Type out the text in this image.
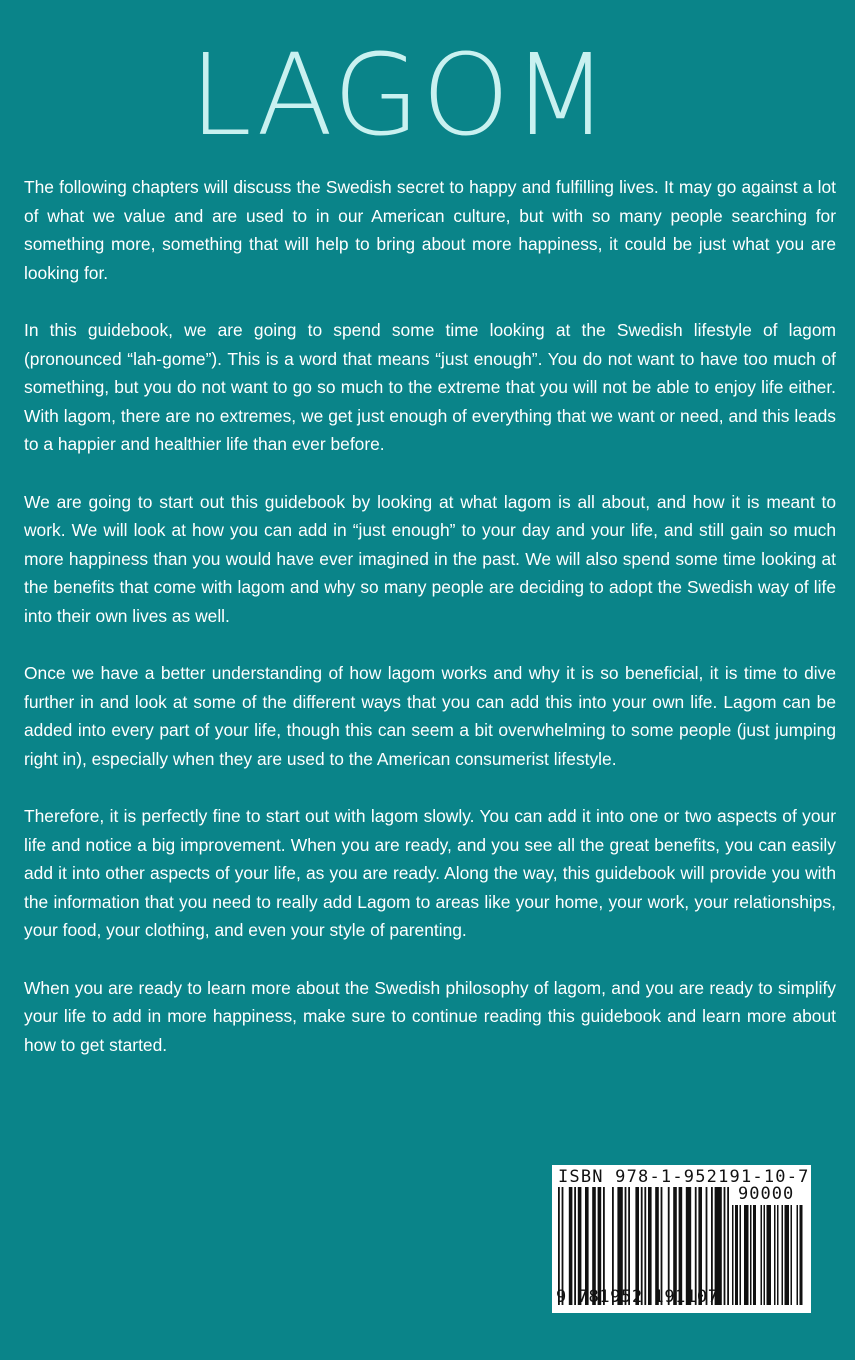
LAGOM

The following chapters will discuss the Swedish secret to happy and fulfilling lives. It may go against a lot of what we value and are used to in our American culture, but with so many people searching for something more, something that will help to bring about more happiness, it could be just what you are looking for.

In this guidebook, we are going to spend some time looking at the Swedish lifestyle of lagom (pronounced “lah-gome”). This is a word that means “just enough”. You do not want to have too much of something, but you do not want to go so much to the extreme that you will not be able to enjoy life either. With lagom, there are no extremes, we get just enough of everything that we want or need, and this leads to a happier and healthier life than ever before.

We are going to start out this guidebook by looking at what lagom is all about, and how it is meant to work. We will look at how you can add in “just enough” to your day and your life, and still gain so much more happiness than you would have ever imagined in the past. We will also spend some time looking at the benefits that come with lagom and why so many people are deciding to adopt the Swedish way of life into their own lives as well.

Once we have a better understanding of how lagom works and why it is so beneficial, it is time to dive further in and look at some of the different ways that you can add this into your own life. Lagom can be added into every part of your life, though this can seem a bit overwhelming to some people (just jumping right in), especially when they are used to the American consumerist lifestyle.

Therefore, it is perfectly fine to start out with lagom slowly. You can add it into one or two aspects of your life and notice a big improvement. When you are ready, and you see all the great benefits, you can easily add it into other aspects of your life, as you are ready. Along the way, this guidebook will provide you with the information that you need to really add Lagom to areas like your home, your work, your relationships, your food, your clothing, and even your style of parenting.

When you are ready to learn more about the Swedish philosophy of lagom, and you are ready to simplify your life to add in more happiness, make sure to continue reading this guidebook and learn more about how to get started.

ISBN 978-1-952191-10-7
90000
9 781952 191107
